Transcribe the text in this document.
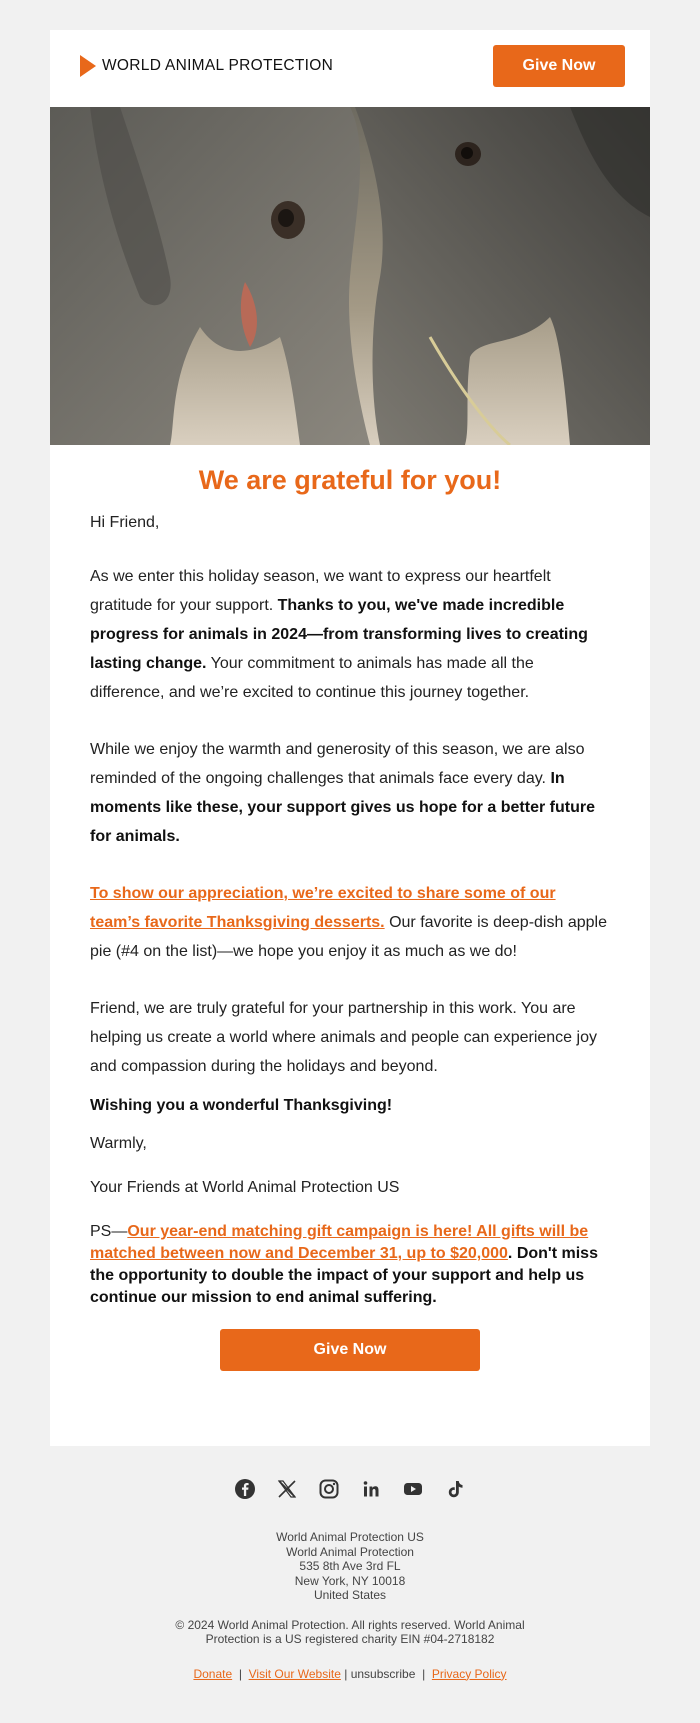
WORLD ANIMAL PROTECTION	Give Now
We are grateful for you!

Hi Friend,

As we enter this holiday season, we want to express our heartfelt gratitude for your support. Thanks to you, we've made incredible progress for animals in 2024—from transforming lives to creating lasting change. Your commitment to animals has made all the difference, and we’re excited to continue this journey together.

While we enjoy the warmth and generosity of this season, we are also reminded of the ongoing challenges that animals face every day. In moments like these, your support gives us hope for a better future for animals.

To show our appreciation, we’re excited to share some of our team’s favorite Thanksgiving desserts. Our favorite is deep-dish apple pie (#4 on the list)—we hope you enjoy it as much as we do!

Friend, we are truly grateful for your partnership in this work. You are helping us create a world where animals and people can experience joy and compassion during the holidays and beyond.

Wishing you a wonderful Thanksgiving!

Warmly,

Your Friends at World Animal Protection US

PS—Our year-end matching gift campaign is here! All gifts will be matched between now and December 31, up to $20,000. Don't miss the opportunity to double the impact of your support and help us continue our mission to end animal suffering.

Give Now
World Animal Protection US
World Animal Protection
535 8th Ave 3rd FL
New York, NY 10018
United States
© 2024 World Animal Protection. All rights reserved. World Animal Protection is a US registered charity EIN #04-2718182
Donate | Visit Our Website | unsubscribe | Privacy Policy
